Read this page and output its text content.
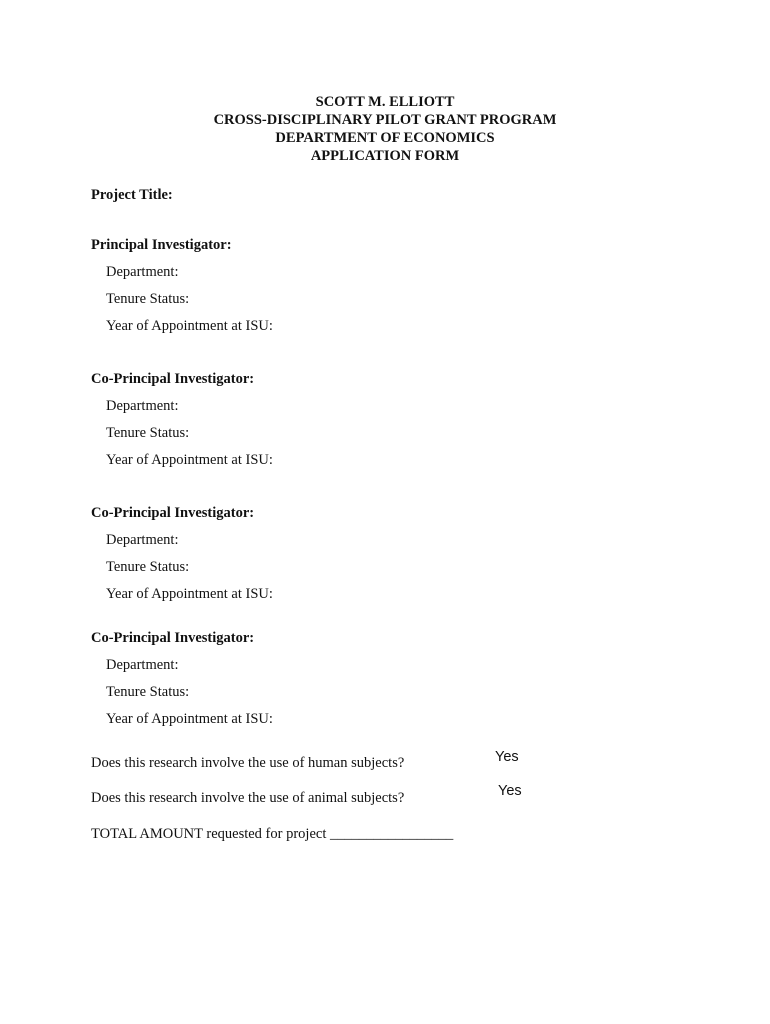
SCOTT M. ELLIOTT
CROSS-DISCIPLINARY PILOT GRANT PROGRAM
DEPARTMENT OF ECONOMICS
APPLICATION FORM
Project Title:
Principal Investigator:
Department:
Tenure Status:
Year of Appointment at ISU:
Co-Principal Investigator:
Department:
Tenure Status:
Year of Appointment at ISU:
Co-Principal Investigator:
Department:
Tenure Status:
Year of Appointment at ISU:
Co-Principal Investigator:
Department:
Tenure Status:
Year of Appointment at ISU:
Does this research involve the use of human subjects?	Yes
Does this research involve the use of animal subjects?	Yes
TOTAL AMOUNT requested for project _________________
